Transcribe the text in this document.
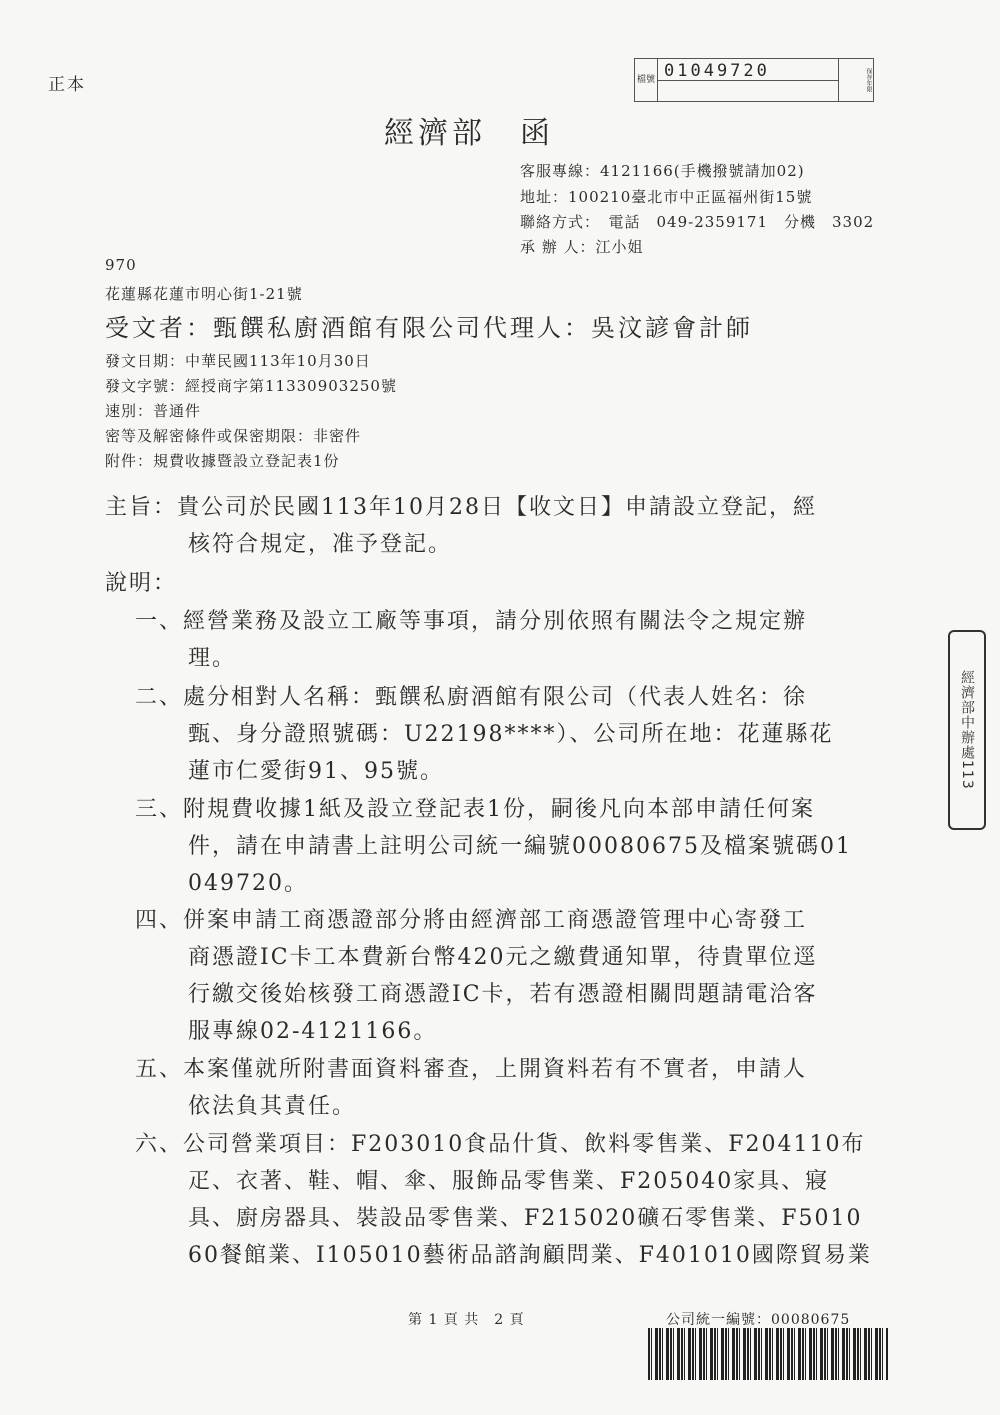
正本	檔號 01049720	保存年限
經濟部　函
客服專線：4121166(手機撥號請加02)
地址：100210臺北市中正區福州街15號
聯絡方式：　電話　049-2359171　分機　3302
承 辦 人：江小姐
970
花蓮縣花蓮市明心街1-21號
受文者：甄饌私廚酒館有限公司代理人：吳汶諺會計師
發文日期：中華民國113年10月30日
發文字號：經授商字第11330903250號
速別：普通件
密等及解密條件或保密期限：非密件
附件：規費收據暨設立登記表1份
主旨：貴公司於民國113年10月28日【收文日】申請設立登記，經
核符合規定，准予登記。
說明：
一、經營業務及設立工廠等事項，請分別依照有關法令之規定辦
理。
二、處分相對人名稱：甄饌私廚酒館有限公司（代表人姓名：徐
甄、身分證照號碼：U22198****）、公司所在地：花蓮縣花
蓮市仁愛街91、95號。
三、附規費收據1紙及設立登記表1份，嗣後凡向本部申請任何案
件，請在申請書上註明公司統一編號00080675及檔案號碼01
049720。
四、併案申請工商憑證部分將由經濟部工商憑證管理中心寄發工
商憑證IC卡工本費新台幣420元之繳費通知單，待貴單位逕
行繳交後始核發工商憑證IC卡，若有憑證相關問題請電洽客
服專線02-4121166。
五、本案僅就所附書面資料審查，上開資料若有不實者，申請人
依法負其責任。
六、公司營業項目：F203010食品什貨、飲料零售業、F204110布
疋、衣著、鞋、帽、傘、服飾品零售業、F205040家具、寢
具、廚房器具、裝設品零售業、F215020礦石零售業、F5010
60餐館業、I105010藝術品諮詢顧問業、F401010國際貿易業
第 1 頁 共　2 頁	公司統一編號：00080675
經濟部中辦處113
